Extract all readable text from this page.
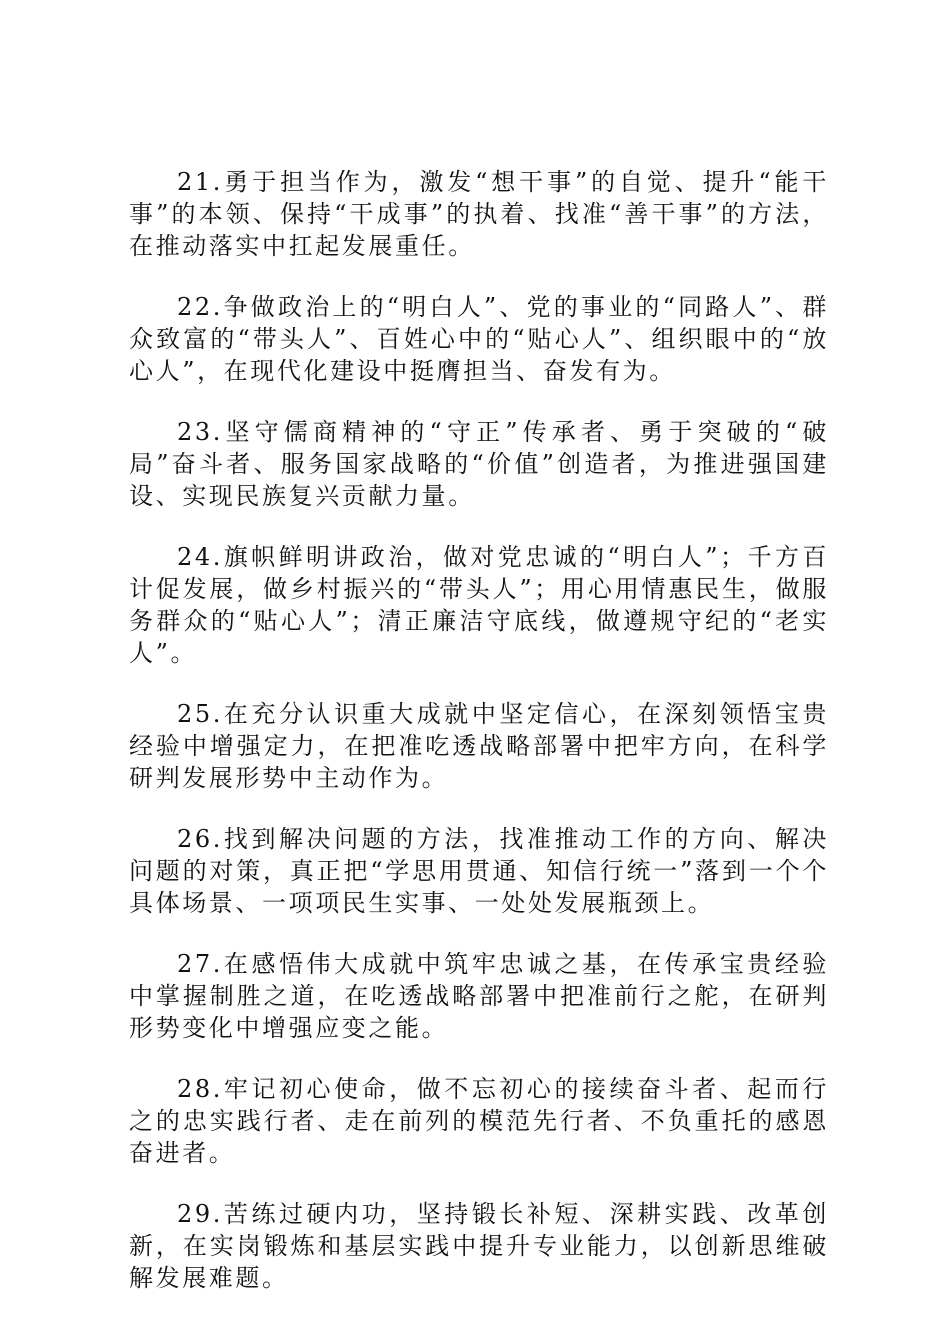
21.勇于担当作为，激发“想干事”的自觉、提升“能干事”的本领、保持“干成事”的执着、找准“善干事”的方法，在推动落实中扛起发展重任。

22.争做政治上的“明白人”、党的事业的“同路人”、群众致富的“带头人”、百姓心中的“贴心人”、组织眼中的“放心人”，在现代化建设中挺膺担当、奋发有为。

23.坚守儒商精神的“守正”传承者、勇于突破的“破局”奋斗者、服务国家战略的“价值”创造者，为推进强国建设、实现民族复兴贡献力量。

24.旗帜鲜明讲政治，做对党忠诚的“明白人”；千方百计促发展，做乡村振兴的“带头人”；用心用情惠民生，做服务群众的“贴心人”；清正廉洁守底线，做遵规守纪的“老实人”。

25.在充分认识重大成就中坚定信心，在深刻领悟宝贵经验中增强定力，在把准吃透战略部署中把牢方向，在科学研判发展形势中主动作为。

26.找到解决问题的方法，找准推动工作的方向、解决问题的对策，真正把“学思用贯通、知信行统一”落到一个个具体场景、一项项民生实事、一处处发展瓶颈上。

27.在感悟伟大成就中筑牢忠诚之基，在传承宝贵经验中掌握制胜之道，在吃透战略部署中把准前行之舵，在研判形势变化中增强应变之能。

28.牢记初心使命，做不忘初心的接续奋斗者、起而行之的忠实践行者、走在前列的模范先行者、不负重托的感恩奋进者。

29.苦练过硬内功，坚持锻长补短、深耕实践、改革创新，在实岗锻炼和基层实践中提升专业能力，以创新思维破解发展难题。
